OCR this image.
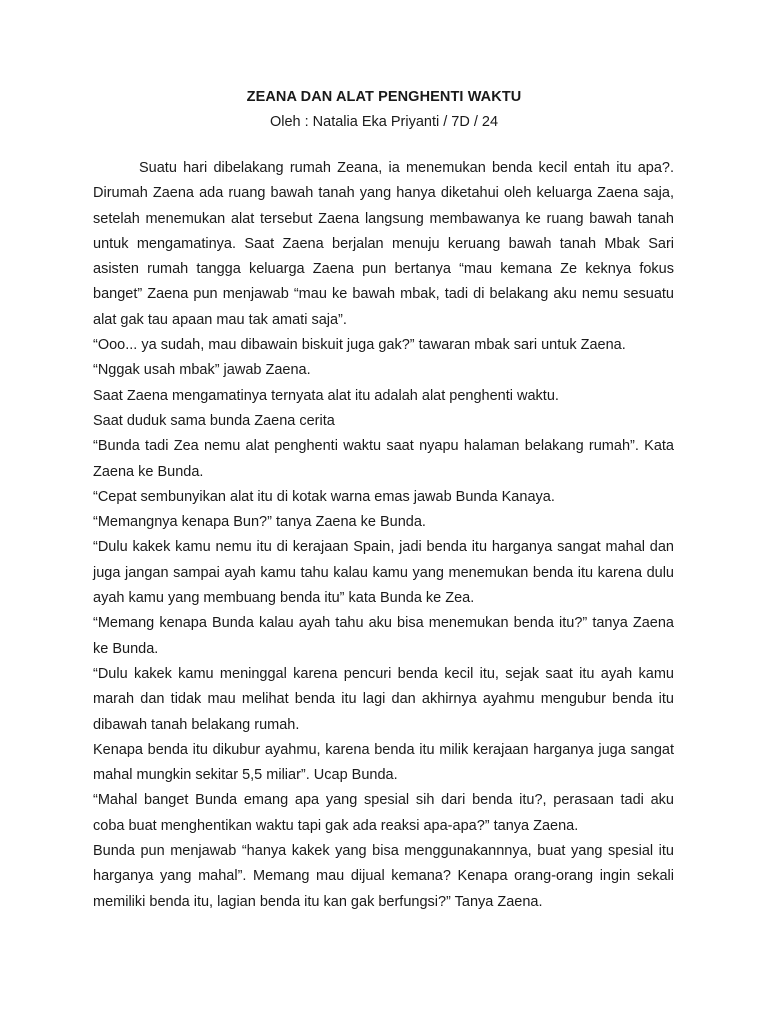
ZEANA DAN ALAT PENGHENTI WAKTU
Oleh : Natalia Eka Priyanti / 7D / 24

Suatu hari dibelakang rumah Zeana, ia menemukan benda kecil entah itu apa?. Dirumah Zaena ada ruang bawah tanah yang hanya diketahui oleh keluarga Zaena saja, setelah menemukan alat tersebut Zaena langsung membawanya ke ruang bawah tanah untuk mengamatinya. Saat Zaena berjalan menuju keruang bawah tanah Mbak Sari asisten rumah tangga keluarga Zaena pun bertanya “mau kemana Ze keknya fokus banget” Zaena pun menjawab “mau ke bawah mbak, tadi di belakang aku nemu sesuatu alat gak tau apaan mau tak amati saja”.

“Ooo... ya sudah, mau dibawain biskuit juga gak?” tawaran mbak sari untuk Zaena.

“Nggak usah mbak” jawab Zaena.

Saat Zaena mengamatinya ternyata alat itu adalah alat penghenti waktu.

Saat duduk sama bunda Zaena cerita

“Bunda tadi Zea nemu alat penghenti waktu saat nyapu halaman belakang rumah”. Kata Zaena ke Bunda.

“Cepat sembunyikan alat itu di kotak warna emas jawab Bunda Kanaya.

“Memangnya kenapa Bun?” tanya Zaena ke Bunda.

“Dulu kakek kamu nemu itu di kerajaan Spain, jadi benda itu harganya sangat mahal dan juga jangan sampai ayah kamu tahu kalau kamu yang menemukan benda itu karena dulu ayah kamu yang membuang benda itu” kata Bunda ke Zea.

“Memang kenapa Bunda kalau ayah tahu aku bisa menemukan benda itu?” tanya Zaena ke Bunda.

“Dulu kakek kamu meninggal karena pencuri benda kecil itu, sejak saat itu ayah kamu marah dan tidak mau melihat benda itu lagi dan akhirnya ayahmu mengubur benda itu dibawah tanah belakang rumah.

Kenapa benda itu dikubur ayahmu, karena benda itu milik kerajaan harganya juga sangat mahal mungkin sekitar 5,5 miliar”. Ucap Bunda.

“Mahal banget Bunda emang apa yang spesial sih dari benda itu?, perasaan tadi aku coba buat menghentikan waktu tapi gak ada reaksi apa-apa?” tanya Zaena.

Bunda pun menjawab “hanya kakek yang bisa menggunakannnya, buat yang spesial itu harganya yang mahal”. Memang mau dijual kemana? Kenapa orang-orang ingin sekali memiliki benda itu, lagian benda itu kan gak berfungsi?” Tanya Zaena.
